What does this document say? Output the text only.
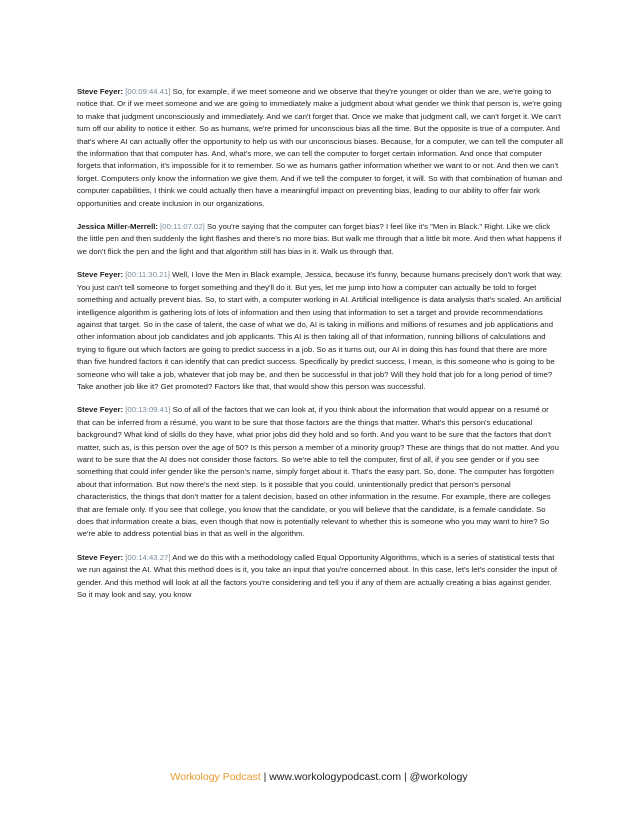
Steve Feyer: [00:09:44.41] So, for example, if we meet someone and we observe that they're younger or older than we are, we're going to notice that. Or if we meet someone and we are going to immediately make a judgment about what gender we think that person is, we're going to make that judgment unconsciously and immediately. And we can't forget that. Once we make that judgment call, we can't forget it. We can't turn off our ability to notice it either. So as humans, we're primed for unconscious bias all the time. But the opposite is true of a computer. And that's where AI can actually offer the opportunity to help us with our unconscious biases. Because, for a computer, we can tell the computer all the information that that computer has. And, what's more, we can tell the computer to forget certain information. And once that computer forgets that information, it's impossible for it to remember. So we as humans gather information whether we want to or not. And then we can't forget. Computers only know the information we give them. And if we tell the computer to forget, it will. So with that combination of human and computer capabilities, I think we could actually then have a meaningful impact on preventing bias, leading to our ability to offer fair work opportunities and create inclusion in our organizations.

Jessica Miller-Merrell: [00:11:07.02] So you're saying that the computer can forget bias? I feel like it's "Men in Black." Right. Like we click the little pen and then suddenly the light flashes and there's no more bias. But walk me through that a little bit more. And then what happens if we don't flick the pen and the light and that algorithm still has bias in it. Walk us through that.

Steve Feyer: [00:11:30.21] Well, I love the Men in Black example, Jessica, because it's funny, because humans precisely don't work that way. You just can't tell someone to forget something and they'll do it. But yes, let me jump into how a computer can actually be told to forget something and actually prevent bias. So, to start with, a computer working in AI. Artificial intelligence is data analysis that's scaled. An artificial intelligence algorithm is gathering lots of lots of information and then using that information to set a target and provide recommendations against that target. So in the case of talent, the case of what we do, AI is taking in millions and millions of resumes and job applications and other information about job candidates and job applicants. This AI is then taking all of that information, running billions of calculations and trying to figure out which factors are going to predict success in a job. So as it turns out, our AI in doing this has found that there are more than five hundred factors it can identify that can predict success. Specifically by predict success, I mean, is this someone who is going to be someone who will take a job, whatever that job may be, and then be successful in that job? Will they hold that job for a long period of time? Take another job like it? Get promoted? Factors like that, that would show this person was successful.

Steve Feyer: [00:13:09.41] So of all of the factors that we can look at, if you think about the information that would appear on a resumé or that can be inferred from a résumé, you want to be sure that those factors are the things that matter. What's this person's educational background? What kind of skills do they have, what prior jobs did they hold and so forth. And you want to be sure that the factors that don't matter, such as, is this person over the age of 50? Is this person a member of a minority group? These are things that do not matter. And you want to be sure that the AI does not consider those factors. So we're able to tell the computer, first of all, if you see gender or if you see something that could infer gender like the person's name, simply forget about it. That's the easy part. So, done. The computer has forgotten about that information. But now there's the next step. Is it possible that you could. unintentionally predict that person's personal characteristics, the things that don't matter for a talent decision, based on other information in the resume. For example, there are colleges that are female only. If you see that college, you know that the candidate, or you will believe that the candidate, is a female candidate. So does that information create a bias, even though that now is potentially relevant to whether this is someone who you may want to hire? So we're able to address potential bias in that as well in the algorithm.

Steve Feyer: [00:14:43.27] And we do this with a methodology called Equal Opportunity Algorithms, which is a series of statistical tests that we run against the AI. What this method does is it, you take an input that you're concerned about. In this case, let's let's consider the input of gender. And this method will look at all the factors you're considering and tell you if any of them are actually creating a bias against gender. So it may look and say, you know

Workology Podcast | www.workologypodcast.com | @workology
